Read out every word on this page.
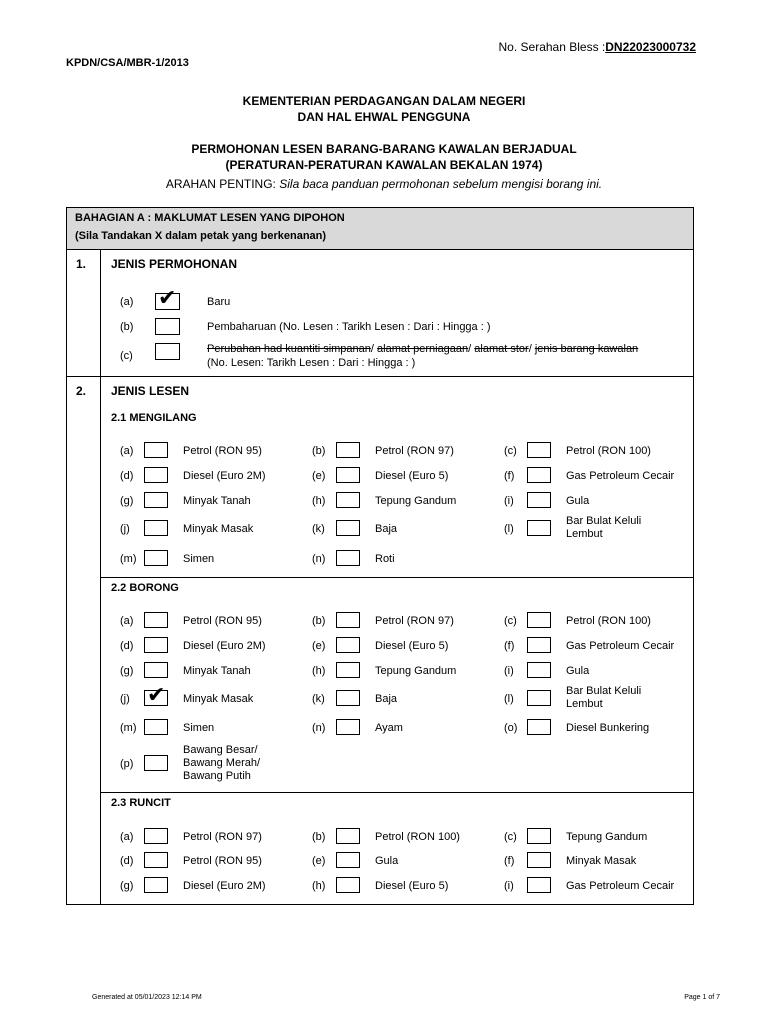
No. Serahan Bless :DN22023000732
KPDN/CSA/MBR-1/2013
KEMENTERIAN PERDAGANGAN DALAM NEGERI
DAN HAL EHWAL PENGGUNA
PERMOHONAN LESEN BARANG-BARANG KAWALAN BERJADUAL
(PERATURAN-PERATURAN KAWALAN BEKALAN 1974)
ARAHAN PENTING: Sila baca panduan permohonan sebelum mengisi borang ini.
BAHAGIAN A : MAKLUMAT LESEN YANG DIPOHON
(Sila Tandakan X dalam petak yang berkenanan)
1. JENIS PERMOHONAN
(a) ✔	Baru
(b)	Pembaharuan (No. Lesen : Tarikh Lesen : Dari : Hingga : )
(c)
Perubahan had kuantiti simpanan/ alamat perniagaan/ alamat stor/ jenis barang kawalan
(No. Lesen: Tarikh Lesen : Dari : Hingga : )
2. JENIS LESEN
2.1 MENGILANG
(a)	Petrol (RON 95)	(b)	Petrol (RON 97)	(c)	Petrol (RON 100)
(d)	Diesel (Euro 2M)	(e)	Diesel (Euro 5)	(f)	Gas Petroleum Cecair
(g)	Minyak Tanah	(h)	Tepung Gandum	(i)	Gula
(j)	Minyak Masak	(k)	Baja	(l)
Bar Bulat Keluli Lembut
(m)	Simen	(n)	Roti
2.2 BORONG
(a)	Petrol (RON 95)	(b)	Petrol (RON 97)	(c)	Petrol (RON 100)
(d)	Diesel (Euro 2M)	(e)	Diesel (Euro 5)	(f)	Gas Petroleum Cecair
(g)	Minyak Tanah	(h)	Tepung Gandum	(i)	Gula
(j) ✔ Minyak Masak	(k)	Baja	(l)
Bar Bulat Keluli Lembut
(m)	Simen	(n)	Ayam	(o)	Diesel Bunkering
(p)
Bawang Besar/ Bawang Merah/ Bawang Putih
2.3 RUNCIT
(a)	Petrol (RON 97)	(b)	Petrol (RON 100)	(c)	Tepung Gandum
(d)	Petrol (RON 95)	(e)	Gula	(f)	Minyak Masak
(g)	Diesel (Euro 2M)	(h)	Diesel (Euro 5)	(i)	Gas Petroleum Cecair
Generated at 05/01/2023 12:14 PM	Page 1 of 7
